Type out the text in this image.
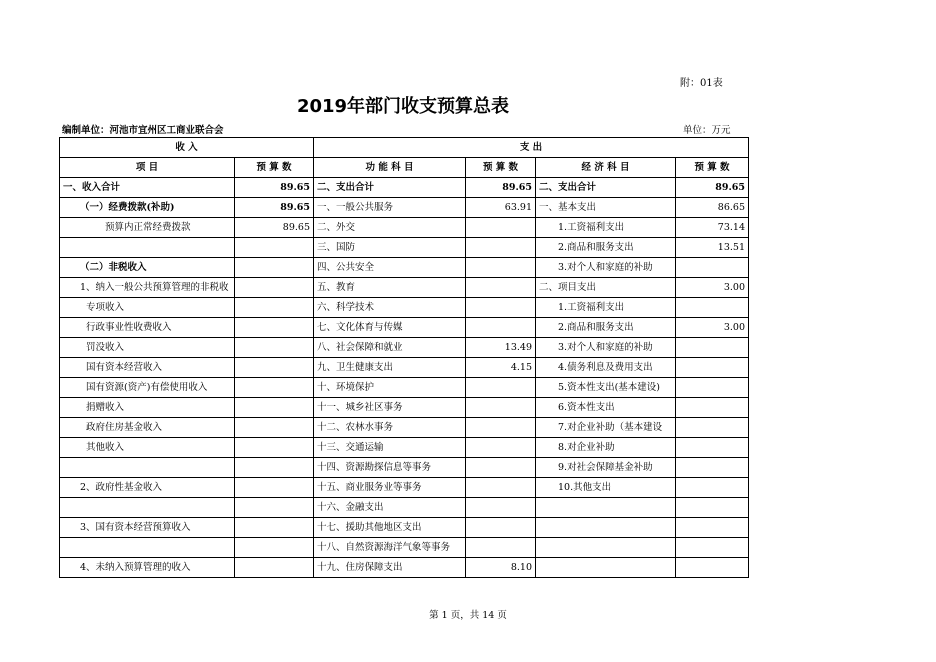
附：01表
2019年部门收支预算总表
编制单位：河池市宜州区工商业联合会	单位：万元
收 入		支 出			
项 目	预 算 数	功 能 科 目	预 算 数	经 济 科 目	预 算 数
一、收入合计	89.65	二、支出合计	89.65	二、支出合计	89.65
（一）经费拨款(补助)	89.65	一、一般公共服务	63.91	一、基本支出	86.65
预算内正常经费拨款	89.65	二、外交		1.工资福利支出	73.14
		三、国防		2.商品和服务支出	13.51
（二）非税收入		四、公共安全		3.对个人和家庭的补助	
1、纳入一般公共预算管理的非税收		五、教育		二、项目支出	3.00
专项收入		六、科学技术		1.工资福利支出	
行政事业性收费收入		七、文化体育与传媒		2.商品和服务支出	3.00
罚没收入		八、社会保障和就业	13.49	3.对个人和家庭的补助	
国有资本经营收入		九、卫生健康支出	4.15	4.债务利息及费用支出	
国有资源(资产)有偿使用收入		十、环境保护		5.资本性支出(基本建设)	
捐赠收入		十一、城乡社区事务		6.资本性支出	
政府住房基金收入		十二、农林水事务		7.对企业补助（基本建设	
其他收入		十三、交通运输		8.对企业补助	
		十四、资源勘探信息等事务		9.对社会保障基金补助	
2、政府性基金收入		十五、商业服务业等事务		10.其他支出	
		十六、金融支出			
3、国有资本经营预算收入		十七、援助其他地区支出			
		十八、自然资源海洋气象等事务			
4、未纳入预算管理的收入		十九、住房保障支出	8.10		
第 1 页，共 14 页
